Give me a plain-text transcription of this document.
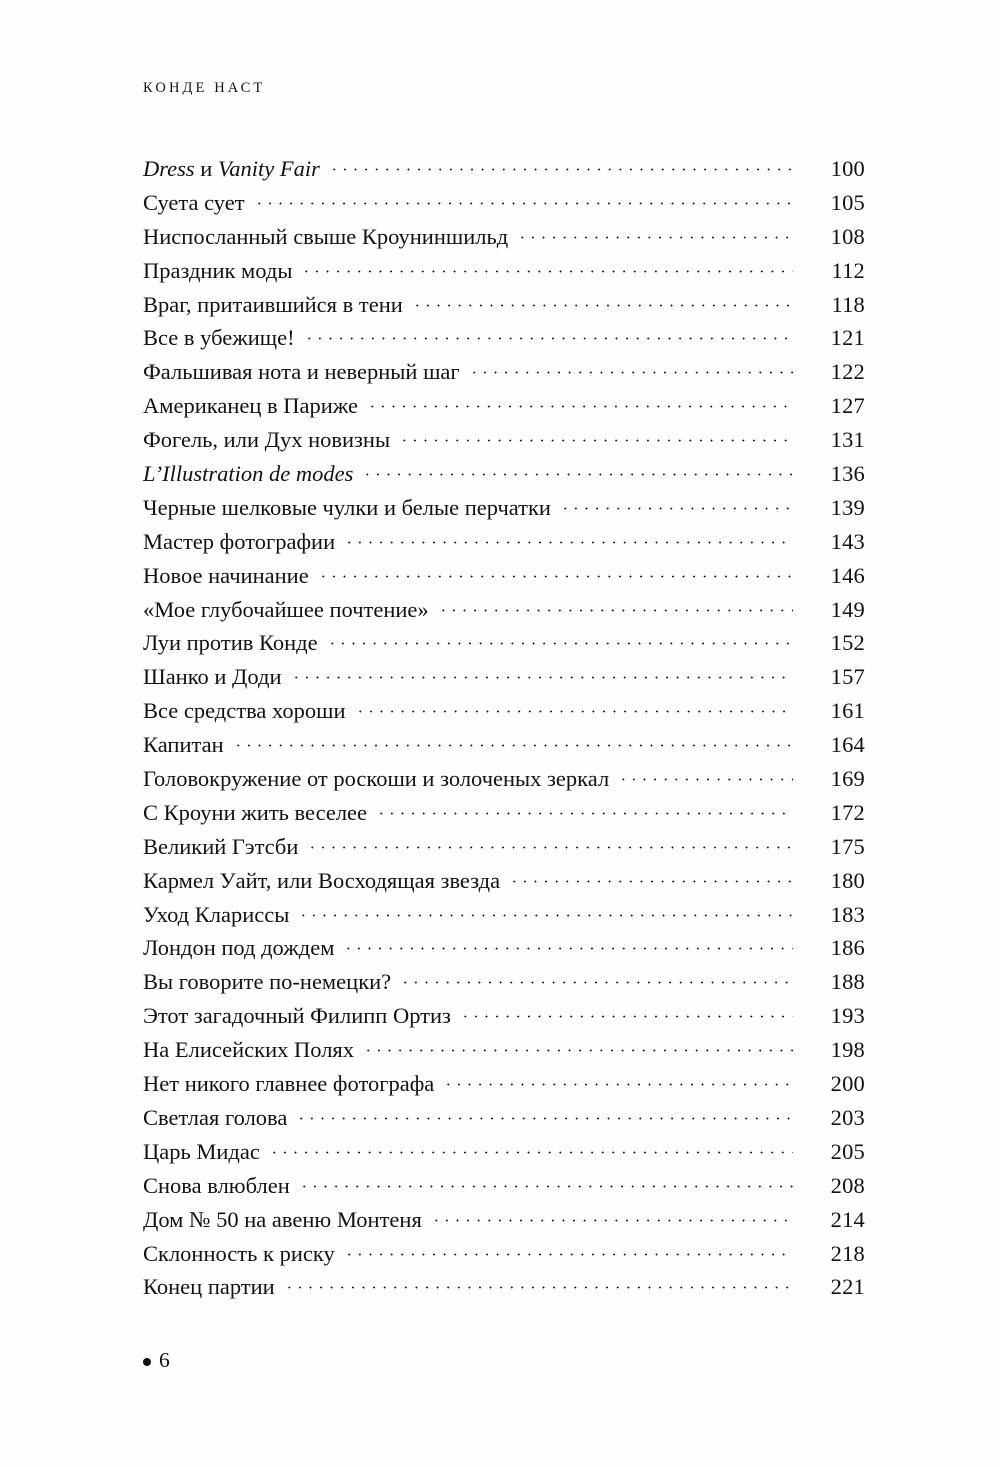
КОНДЕ НАСТ
Dress и Vanity Fair	100
Суета сует	105
Ниспосланный свыше Кроуниншильд	108
Праздник моды	112
Враг, притаившийся в тени	118
Все в убежище!	121
Фальшивая нота и неверный шаг	122
Американец в Париже	127
Фогель, или Дух новизны	131
L’Illustration de modes	136
Черные шелковые чулки и белые перчатки	139
Мастер фотографии	143
Новое начинание	146
«Мое глубочайшее почтение»	149
Луи против Конде	152
Шанко и Доди	157
Все средства хороши	161
Капитан	164
Головокружение от роскоши и золоченых зеркал	169
С Кроуни жить веселее	172
Великий Гэтсби	175
Кармел Уайт, или Восходящая звезда	180
Уход Клариссы	183
Лондон под дождем	186
Вы говорите по-немецки?	188
Этот загадочный Филипп Ортиз	193
На Елисейских Полях	198
Нет никого главнее фотографа	200
Светлая голова	203
Царь Мидас	205
Снова влюблен	208
Дом № 50 на авеню Монтеня	214
Склонность к риску	218
Конец партии	221
6
